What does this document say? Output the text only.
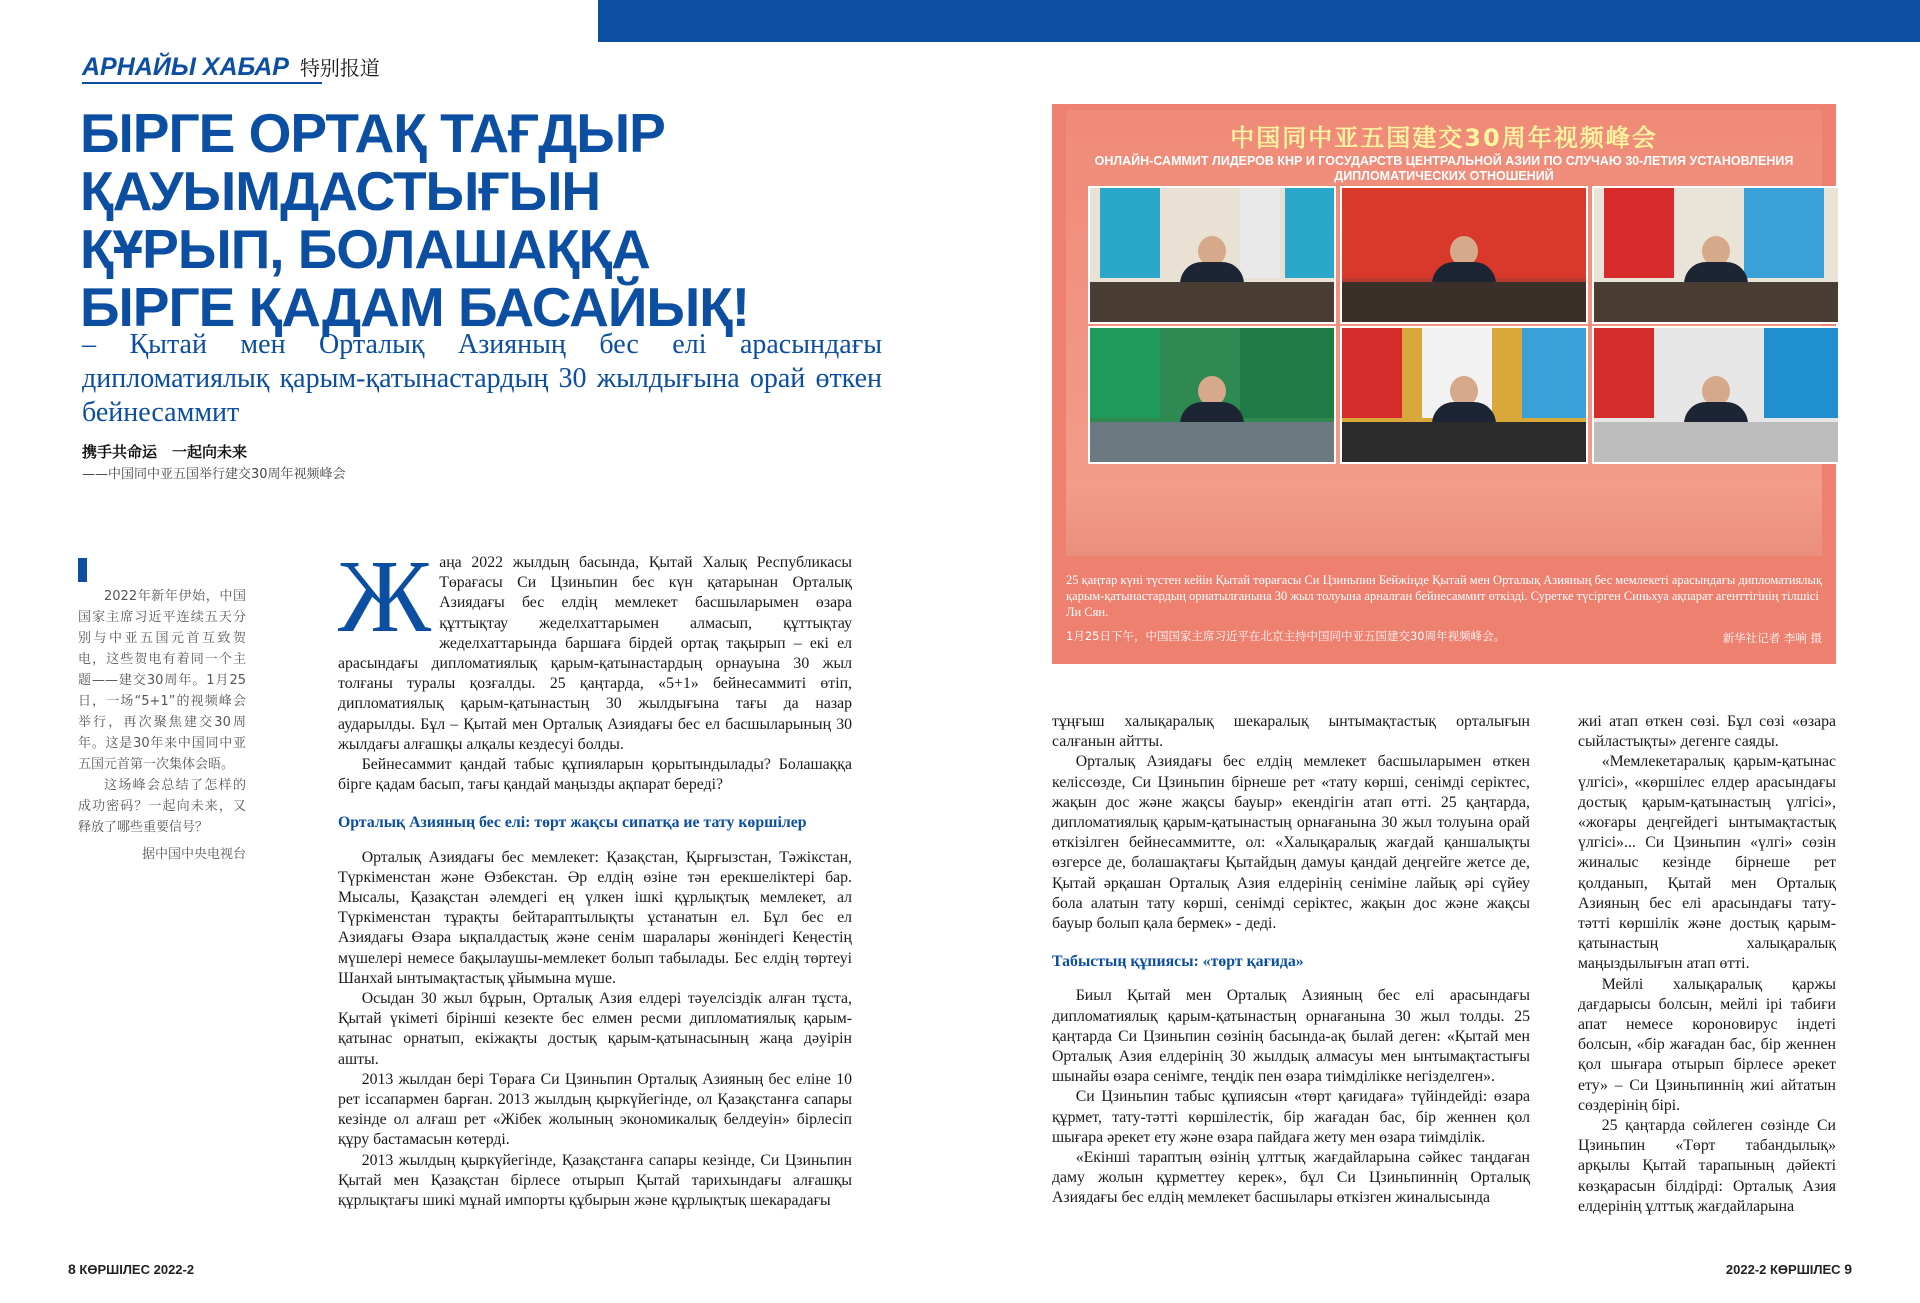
АРНАЙЫ ХАБАР 特别报道
БІРГЕ ОРТАҚ ТАҒДЫР ҚАУЫМДАСТЫҒЫН ҚҰРЫП, БОЛАШАҚҚА БІРГЕ ҚАДАМ БАСАЙЫҚ!
– Қытай мен Орталық Азияның бес елі арасындағы дипломатиялық қарым-қатынастардың 30 жылдығына орай өткен бейнесаммит
携手共命运　一起向未来
——中国同中亚五国举行建交30周年视频峰会

2022年新年伊始，中国国家主席习近平连续五天分别与中亚五国元首互致贺电，这些贺电有着同一个主题——建交30周年。1月25日，一场“5+1”的视频峰会举行，再次聚焦建交30周年。这是30年来中国同中亚五国元首第一次集体会晤。

这场峰会总结了怎样的成功密码？一起向未来，又释放了哪些重要信号？

据中国中央电视台

Жаңа 2022 жылдың басында, Қытай Халық Республикасы Төрағасы Си Цзиньпин бес күн қатарынан Орталық Азиядағы бес елдің мемлекет басшыларымен өзара құттықтау жеделхаттарымен алмасып, құттықтау жеделхаттарында баршаға бірдей ортақ тақырып – екі ел арасындағы дипломатиялық қарым-қатынастардың орнауына 30 жыл толғаны туралы қозғалды. 25 қаңтарда, «5+1» бейнесаммиті өтіп, дипломатиялық қарым-қатынастың 30 жылдығына тағы да назар аударылды. Бұл – Қытай мен Орталық Азиядағы бес ел басшыларының 30 жылдағы алғашқы алқалы кездесуі болды.

Бейнесаммит қандай табыс құпияларын қорытындылады? Болашаққа бірге қадам басып, тағы қандай маңызды ақпарат береді?

Орталық Азияның бес елі: төрт жақсы сипатқа ие тату көршілер

Орталық Азиядағы бес мемлекет: Қазақстан, Қырғызстан, Тәжікстан, Түркіменстан және Өзбекстан. Әр елдің өзіне тән ерекшеліктері бар. Мысалы, Қазақстан әлемдегі ең үлкен ішкі құрлықтық мемлекет, ал Түркіменстан тұрақты бейтараптылықты ұстанатын ел. Бұл бес ел Азиядағы Өзара ықпалдастық және сенім шаралары жөніндегі Кеңестің мүшелері немесе бақылаушы-мемлекет болып табылады. Бес елдің төртеуі Шанхай ынтымақтастық ұйымына мүше.

Осыдан 30 жыл бұрын, Орталық Азия елдері тәуелсіздік алған тұста, Қытай үкіметі бірінші кезекте бес елмен ресми дипломатиялық қарым-қатынас орнатып, екіжақты достық қарым-қатынасының жаңа дәуірін ашты.

2013 жылдан бері Төраға Си Цзиньпин Орталық Азияның бес еліне 10 рет іссапармен барған. 2013 жылдың қыркүйегінде, ол Қазақстанға сапары кезінде ол алғаш рет «Жібек жолының экономикалық белдеуін» бірлесіп құру бастамасын көтерді.

2013 жылдың қыркүйегінде, Қазақстанға сапары кезінде, Си Цзиньпин Қытай мен Қазақстан бірлесе отырып Қытай тарихындағы алғашқы құрлықтағы шикі мұнай импорты құбырын және құрлықтық шекарадағы

中国同中亚五国建交30周年视频峰会
ОНЛАЙН-САММИТ ЛИДЕРОВ КНР И ГОСУДАРСТВ ЦЕНТРАЛЬНОЙ АЗИИ ПО СЛУЧАЮ 30-ЛЕТИЯ УСТАНОВЛЕНИЯ ДИПЛОМАТИЧЕСКИХ ОТНОШЕНИЙ
25 қаңтар күні түстен кейін Қытай төрағасы Си Цзиньпин Бейжіңде Қытай мен Орталық Азияның бес мемлекеті арасындағы дипломатиялық қарым-қатынастардың орнатылғанына 30 жыл толуына арналған бейнесаммит өткізді. Суретке түсірген Синьхуа ақпарат агенттігінің тілшісі Ли Сян.
1月25日下午，中国国家主席习近平在北京主持中国同中亚五国建交30周年视频峰会。	新华社记者 李响 摄

тұңғыш халықаралық шекаралық ынтымақтастық орталығын салғанын айтты.

Орталық Азиядағы бес елдің мемлекет басшыларымен өткен келіссөзде, Си Цзиньпин бірнеше рет «тату көрші, сенімді серіктес, жақын дос және жақсы бауыр» екендігін атап өтті. 25 қаңтарда, дипломатиялық қарым-қатынастың орнағанына 30 жыл толуына орай өткізілген бейнесаммитте, ол: «Халықаралық жағдай қаншалықты өзгерсе де, болашақтағы Қытайдың дамуы қандай деңгейге жетсе де, Қытай әрқашан Орталық Азия елдерінің сеніміне лайық әрі сүйеу бола алатын тату көрші, сенімді серіктес, жақын дос және жақсы бауыр болып қала бермек» - деді.

Табыстың құпиясы: «төрт қағида»

Биыл Қытай мен Орталық Азияның бес елі арасындағы дипломатиялық қарым-қатынастың орнағанына 30 жыл толды. 25 қаңтарда Си Цзиньпин сөзінің басында-ақ былай деген: «Қытай мен Орталық Азия елдерінің 30 жылдық алмасуы мен ынтымақтастығы шынайы өзара сенімге, теңдік пен өзара тиімділікке негізделген».

Си Цзиньпин табыс құпиясын «төрт қағидаға» түйіндейді: өзара құрмет, тату-тәтті көршілестік, бір жағадан бас, бір женнен қол шығара әрекет ету және өзара пайдаға жету мен өзара тиімділік.

«Екінші тараптың өзінің ұлттық жағдайларына сәйкес таңдаған даму жолын құрметтеу керек», бұл Си Цзиньпиннің Орталық Азиядағы бес елдің мемлекет басшылары өткізген жиналысында

жиі атап өткен сөзі. Бұл сөзі «өзара сыйластықты» дегенге саяды.

«Мемлекетаралық қарым-қатынас үлгісі», «көршілес елдер арасындағы достық қарым-қатынастың үлгісі», «жоғары деңгейдегі ынтымақтастық үлгісі»... Си Цзиньпин «үлгі» сөзін жиналыс кезінде бірнеше рет қолданып, Қытай мен Орталық Азияның бес елі арасындағы тату-тәтті көршілік және достық қарым-қатынастың халықаралық маңыздылығын атап өтті.

Мейлі халықаралық қаржы дағдарысы болсын, мейлі ірі табиғи апат немесе короновирус індеті болсын, «бір жағадан бас, бір женнен қол шығара отырып бірлесе әрекет ету» – Си Цзиньпиннің жиі айтатын сөздерінің бірі.

25 қаңтарда сөйлеген сөзінде Си Цзиньпин «Төрт табандылық» арқылы Қытай тарапының дәйекті көзқарасын білдірді: Орталық Азия елдерінің ұлттық жағдайларына

8 КӨРШІЛЕС 2022-2	2022-2 КӨРШІЛЕС 9
